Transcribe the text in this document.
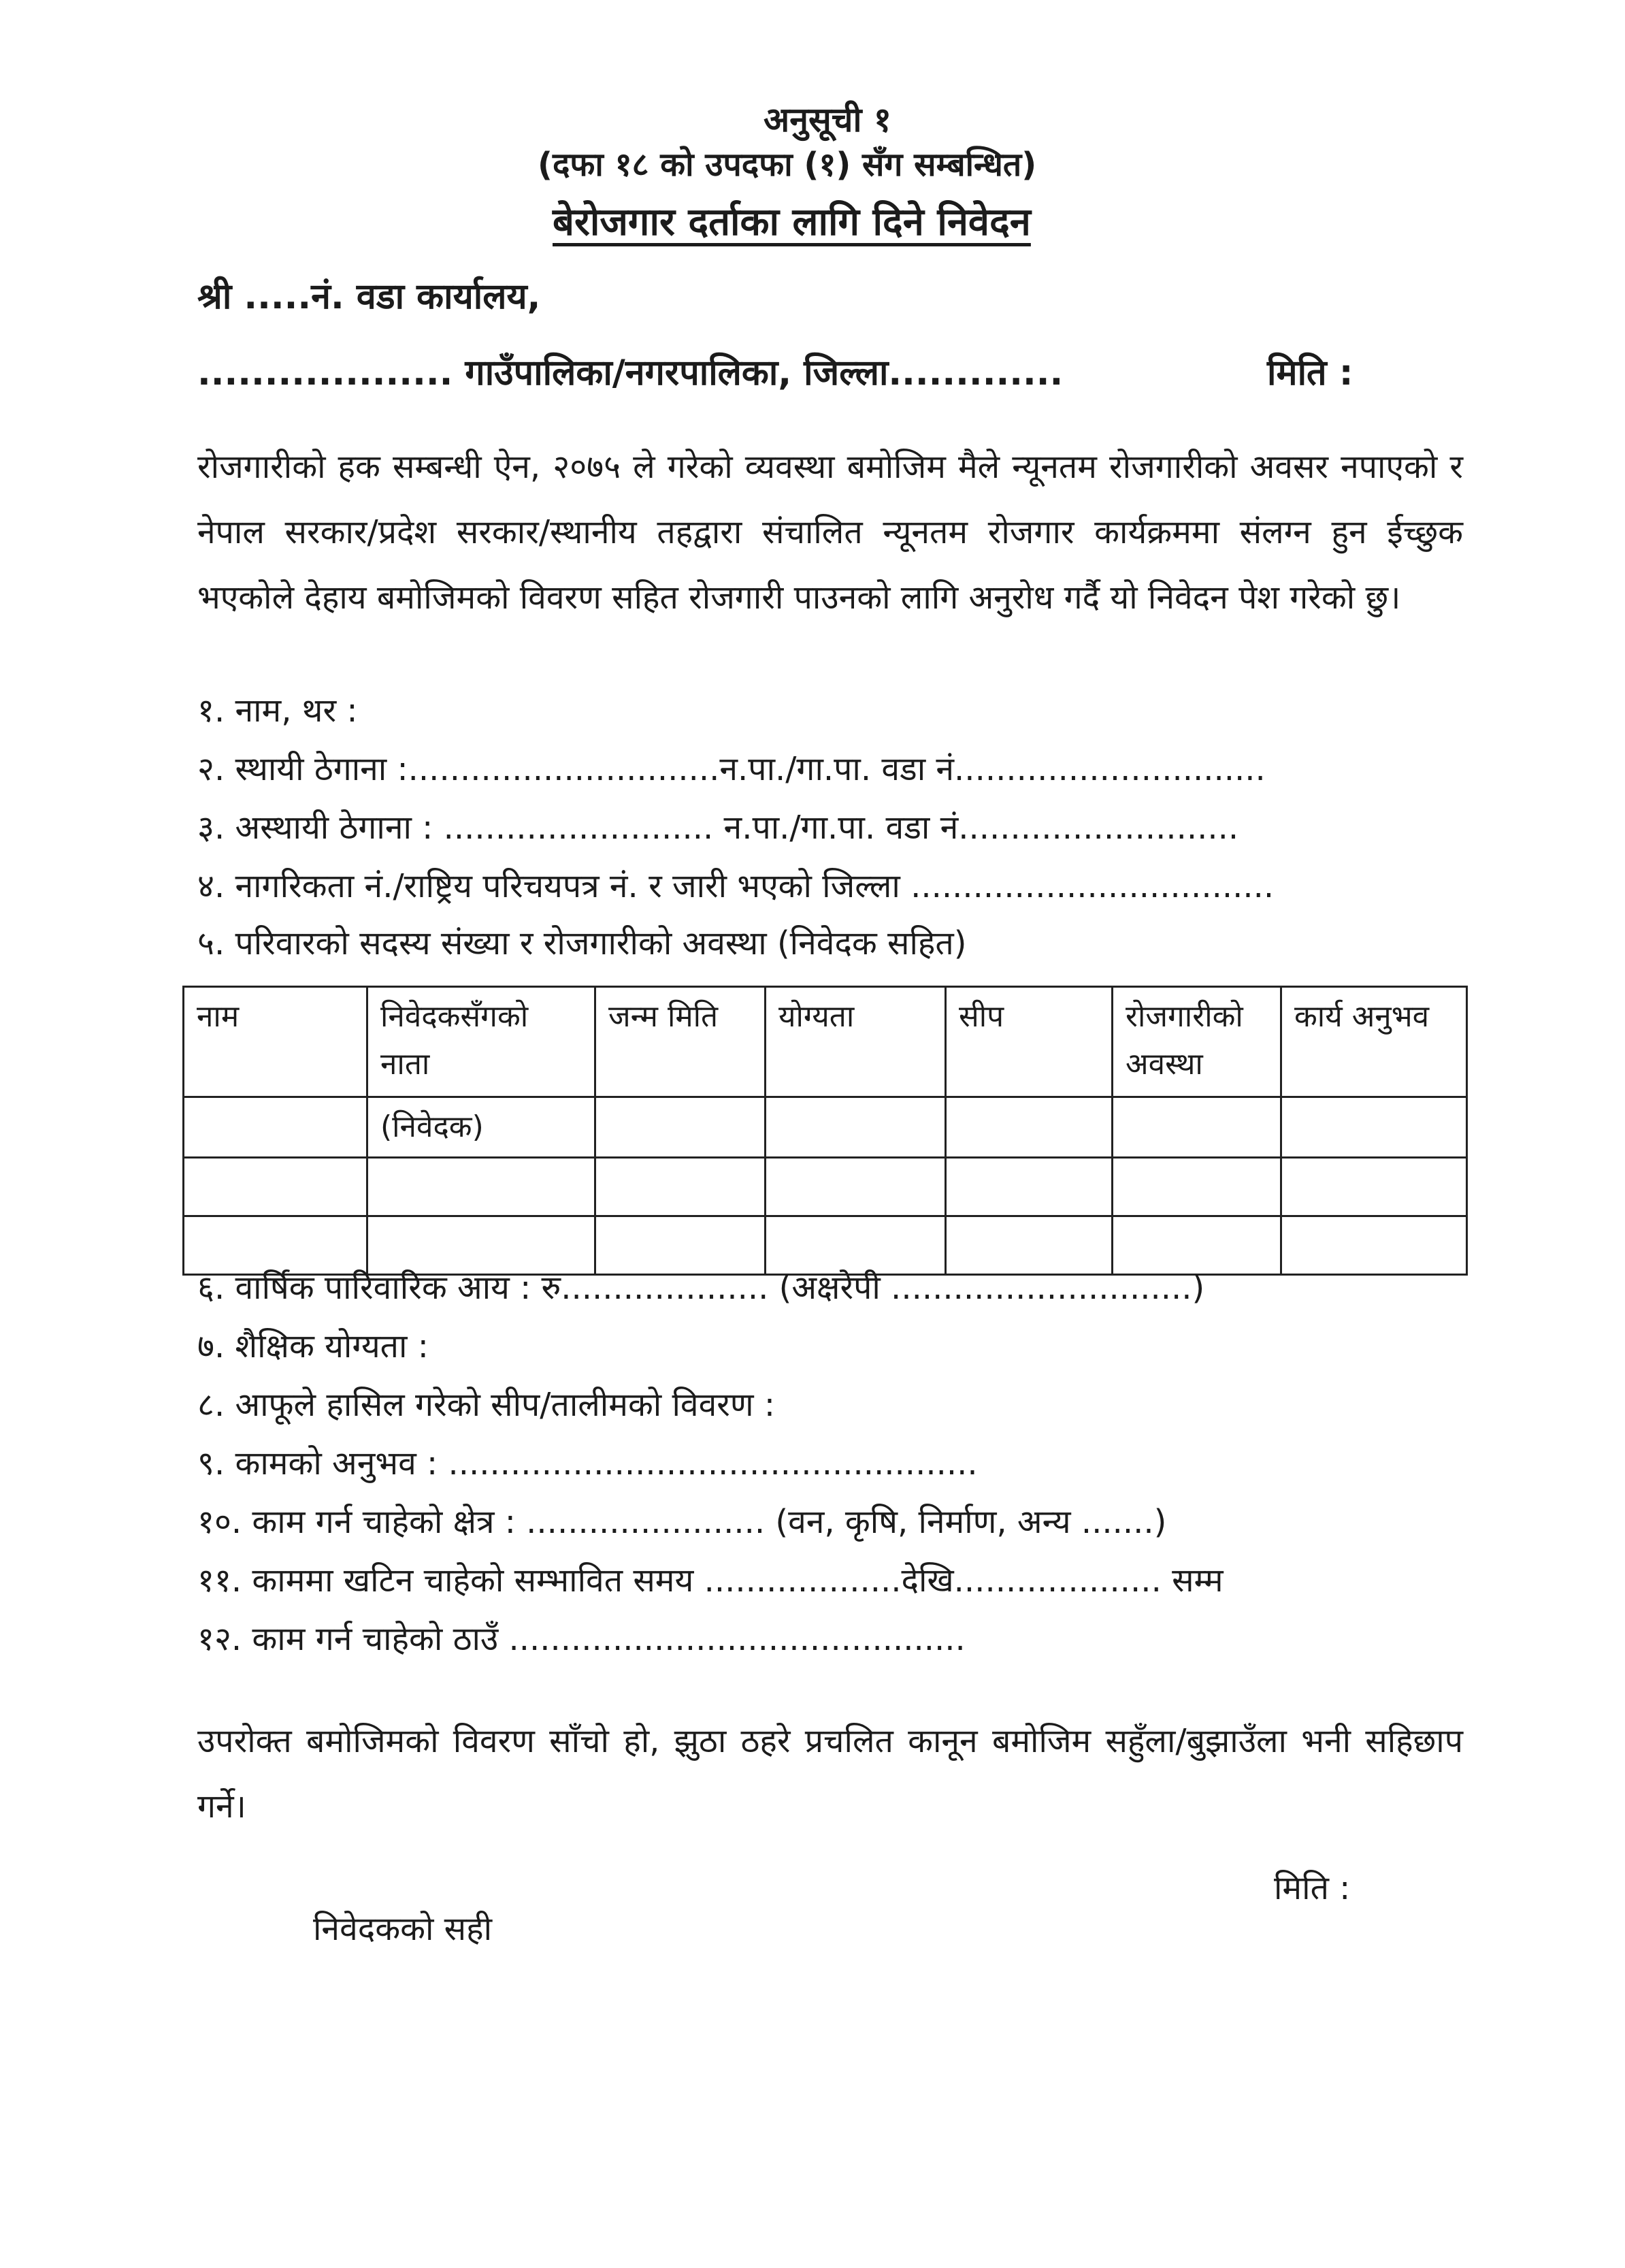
अनुसूची १
(दफा १८ को उपदफा (१) सँग सम्बन्धित)
बेरोजगार दर्ताका लागि दिने निवेदन
श्री .....नं. वडा कार्यालय,
................... गाउँपालिका/नगरपालिका, जिल्ला.............	मिति :
रोजगारीको हक सम्बन्धी ऐन, २०७५ ले गरेको व्यवस्था बमोजिम मैले न्यूनतम रोजगारीको अवसर नपाएको र नेपाल सरकार/प्रदेश सरकार/स्थानीय तहद्वारा संचालित न्यूनतम रोजगार कार्यक्रममा संलग्न हुन ईच्छुक भएकोले देहाय बमोजिमको विवरण सहित रोजगारी पाउनको लागि अनुरोध गर्दै यो निवेदन पेश गरेको छु।
१. नाम, थर :
२. स्थायी ठेगाना :..............................न.पा./गा.पा. वडा नं..............................
३. अस्थायी ठेगाना : .......................... न.पा./गा.पा. वडा नं...........................
४. नागरिकता नं./राष्ट्रिय परिचयपत्र नं. र जारी भएको जिल्ला ...................................
५. परिवारको सदस्य संख्या र रोजगारीको अवस्था (निवेदक सहित)
नाम	निवेदकसँगको नाता	जन्म मिति	योग्यता	सीप	रोजगारीको अवस्था	कार्य अनुभव
	(निवेदक)					

६. वार्षिक पारिवारिक आय : रु.................... (अक्षरेपी .............................)
७. शैक्षिक योग्यता :
८. आफूले हासिल गरेको सीप/तालीमको विवरण :
९. कामको अनुभव : ...................................................
१०. काम गर्न चाहेको क्षेत्र : ....................... (वन, कृषि, निर्माण, अन्य .......)
११. काममा खटिन चाहेको सम्भावित समय ...................देखि.................... सम्म
१२. काम गर्न चाहेको ठाउँ ............................................
उपरोक्त बमोजिमको विवरण साँचो हो, झुठा ठहरे प्रचलित कानून बमोजिम सहुँला/बुझाउँला भनी सहिछाप गर्ने।
मिति :
निवेदकको सही
